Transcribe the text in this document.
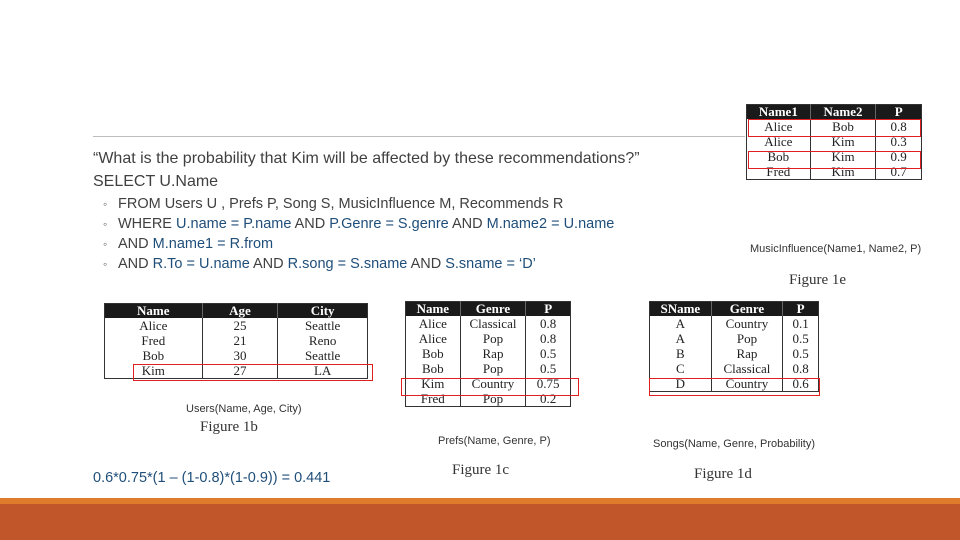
“What is the probability that Kim will be affected by these recommendations?”
SELECT U.Name
◦ FROM Users U , Prefs P, Song S, MusicInfluence M, Recommends R
◦ WHERE U.name = P.name AND P.Genre = S.genre AND M.name2 = U.name
◦ AND M.name1 = R.from
◦ AND R.To = U.name AND R.song = S.sname AND S.sname = ‘D’
Name1	Name2	P
Alice	Bob	0.8
Alice	Kim	0.3
Bob	Kim	0.9
Fred	Kim	0.7
MusicInfluence(Name1, Name2, P)
Figure 1e
Name	Age	City
Alice	25	Seattle
Fred	21	Reno
Bob	30	Seattle
Kim	27	LA
Users(Name, Age, City)
Figure 1b
Name	Genre	P
Alice	Classical	0.8
Alice	Pop	0.8
Bob	Rap	0.5
Bob	Pop	0.5
Kim	Country	0.75
Fred	Pop	0.2
Prefs(Name, Genre, P)
Figure 1c
SName	Genre	P
A	Country	0.1
A	Pop	0.5
B	Rap	0.5
C	Classical	0.8
D	Country	0.6
Songs(Name, Genre, Probability)
Figure 1d
0.6*0.75*(1 – (1-0.8)*(1-0.9)) = 0.441
